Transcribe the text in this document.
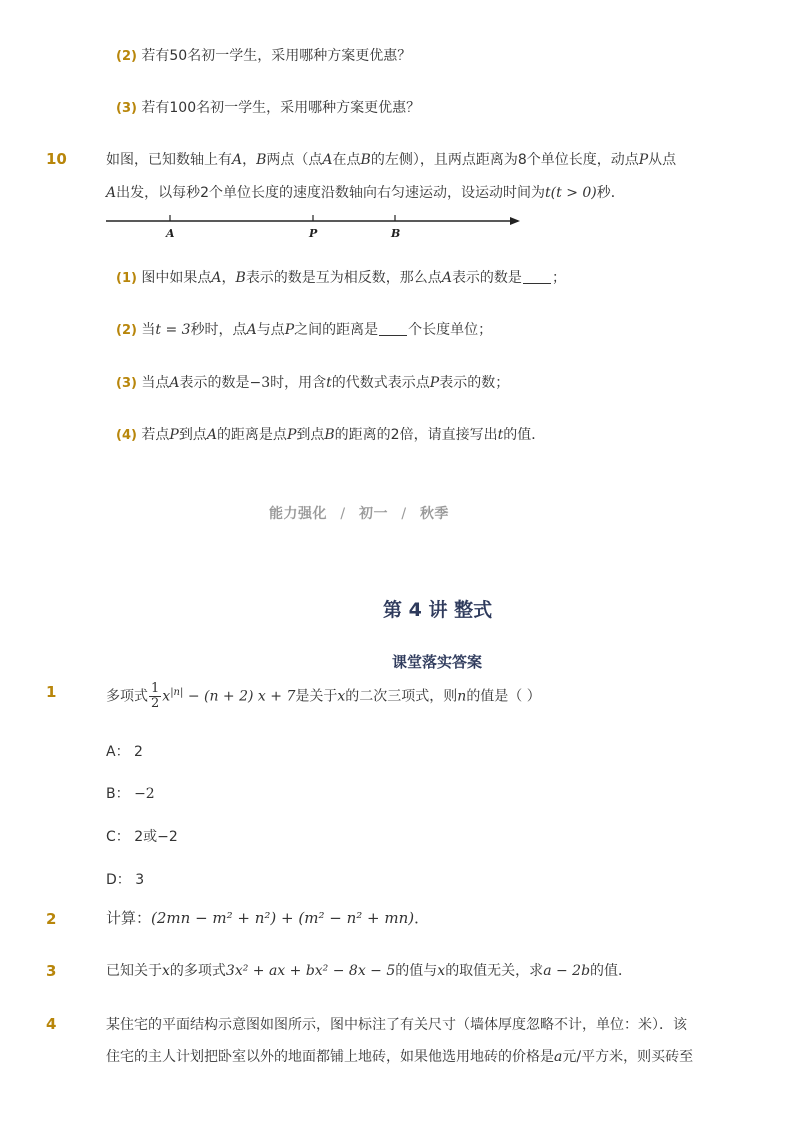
(2) 若有50名初一学生，采用哪种方案更优惠？
(3) 若有100名初一学生，采用哪种方案更优惠？
10	如图，已知数轴上有A，B两点（点A在点B的左侧），且两点距离为8个单位长度，动点P从点
A出发，以每秒2个单位长度的速度沿数轴向右匀速运动，设运动时间为t(t > 0)秒．
A	P	B
(1) 图中如果点A，B表示的数是互为相反数，那么点A表示的数是 ；
(2) 当t = 3秒时，点A与点P之间的距离是 个长度单位；
(3) 当点A表示的数是−3时，用含t的代数式表示点P表示的数；
(4) 若点P到点A的距离是点P到点B的距离的2倍，请直接写出t的值．
能力强化 / 初一 / 秋季
第 4 讲 整式
课堂落实答案
1	多项式 $\frac{1}{2} x^{|n|} - (n + 2) x + 7$是关于x的二次三项式，则n的值是（ ）
A： 2
B： −2
C： 2或−2
D： 3
2	计算：(2mn − m² + n²) + (m² − n² + mn)．
3	已知关于x的多项式3x² + ax + bx² − 8x − 5的值与x的取值无关，求a − 2b的值．
4	某住宅的平面结构示意图如图所示，图中标注了有关尺寸（墙体厚度忽略不计，单位：米）．该
住宅的主人计划把卧室以外的地面都铺上地砖，如果他选用地砖的价格是a元/平方米，则买砖至
